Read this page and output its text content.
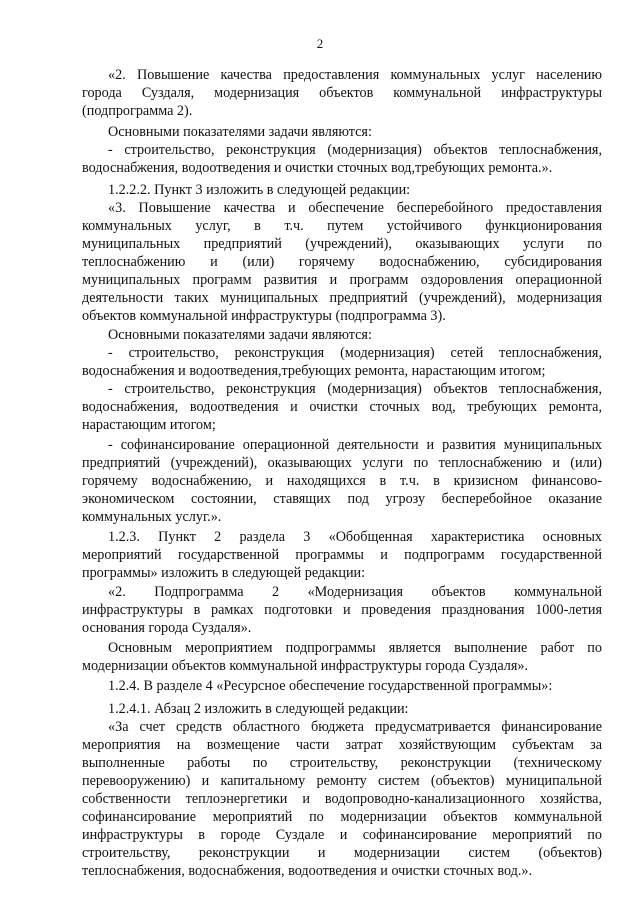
2
«2. Повышение качества предоставления коммунальных услуг населению
города Суздаля, модернизация объектов коммунальной инфраструктуры
(подпрограмма 2).
Основными показателями задачи являются:
- строительство, реконструкция (модернизация) объектов теплоснабжения,
водоснабжения, водоотведения и очистки сточных вод,требующих ремонта.».
1.2.2.2. Пункт 3 изложить в следующей редакции:
«3. Повышение качества и обеспечение бесперебойного предоставления
коммунальных услуг, в т.ч. путем устойчивого функционирования
муниципальных предприятий (учреждений), оказывающих услуги по
теплоснабжению и (или) горячему водоснабжению, субсидирования
муниципальных программ развития и программ оздоровления операционной
деятельности таких муниципальных предприятий (учреждений), модернизация
объектов коммунальной инфраструктуры (подпрограмма 3).
Основными показателями задачи являются:
- строительство, реконструкция (модернизация) сетей теплоснабжения,
водоснабжения и водоотведения,требующих ремонта, нарастающим итогом;
- строительство, реконструкция (модернизация) объектов теплоснабжения,
водоснабжения, водоотведения и очистки сточных вод, требующих ремонта,
нарастающим итогом;
- софинансирование операционной деятельности и развития муниципальных
предприятий (учреждений), оказывающих услуги по теплоснабжению и (или)
горячему водоснабжению, и находящихся в т.ч. в кризисном финансово-
экономическом состоянии, ставящих под угрозу бесперебойное оказание
коммунальных услуг.».
1.2.3. Пункт 2 раздела 3 «Обобщенная характеристика основных
мероприятий государственной программы и подпрограмм государственной
программы» изложить в следующей редакции:
«2. Подпрограмма 2 «Модернизация объектов коммунальной
инфраструктуры в рамках подготовки и проведения празднования 1000-летия
основания города Суздаля».
Основным мероприятием подпрограммы является выполнение работ по
модернизации объектов коммунальной инфраструктуры города Суздаля».
1.2.4. В разделе 4 «Ресурсное обеспечение государственной программы»:
1.2.4.1. Абзац 2 изложить в следующей редакции:
«За счет средств областного бюджета предусматривается финансирование
мероприятия на возмещение части затрат хозяйствующим субъектам за
выполненные работы по строительству, реконструкции (техническому
перевооружению) и капитальному ремонту систем (объектов) муниципальной
собственности теплоэнергетики и водопроводно-канализационного хозяйства,
софинансирование мероприятий по модернизации объектов коммунальной
инфраструктуры в городе Суздале и софинансирование мероприятий по
строительству, реконструкции и модернизации систем (объектов)
теплоснабжения, водоснабжения, водоотведения и очистки сточных вод.».
